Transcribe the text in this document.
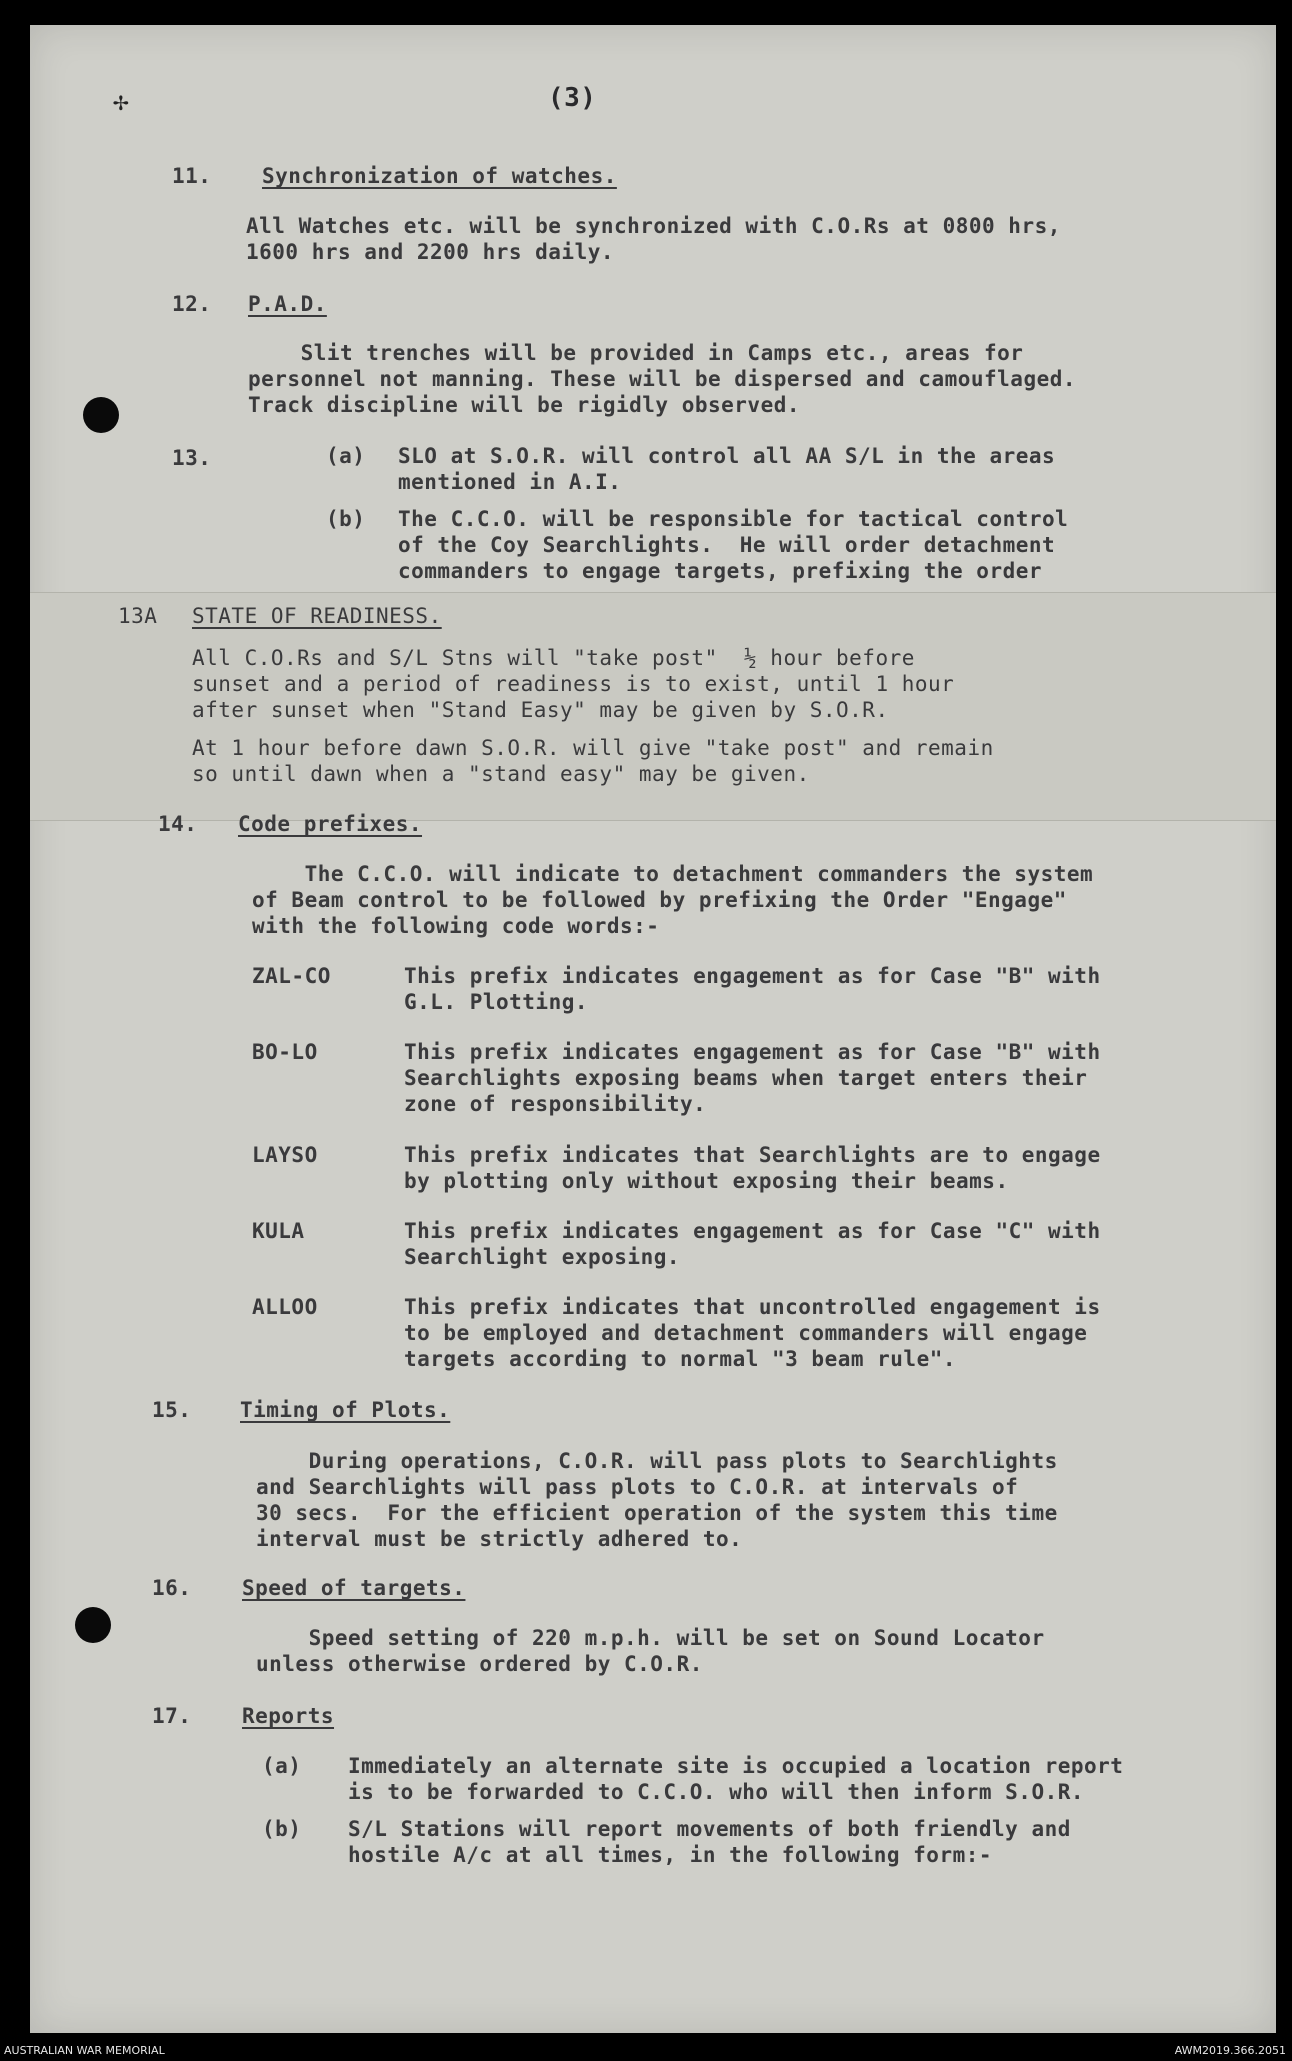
✢	(3)

11. Synchronization of watches.

All Watches etc. will be synchronized with C.O.Rs at 0800 hrs,

1600 hrs and 2200 hrs daily.

12. P.A.D.

Slit trenches will be provided in Camps etc., areas for

personnel not manning. These will be dispersed and camouflaged.

Track discipline will be rigidly observed.

13.	(a) SLO at S.O.R. will control all AA S/L in the areas

mentioned in A.I.

(b) The C.C.O. will be responsible for tactical control

of the Coy Searchlights.  He will order detachment

commanders to engage targets, prefixing the order

13A STATE OF READINESS.

All C.O.Rs and S/L Stns will "take post"  ½ hour before

sunset and a period of readiness is to exist, until 1 hour

after sunset when "Stand Easy" may be given by S.O.R.

At 1 hour before dawn S.O.R. will give "take post" and remain

so until dawn when a "stand easy" may be given.

14. Code prefixes.

The C.C.O. will indicate to detachment commanders the system

of Beam control to be followed by prefixing the Order "Engage"

with the following code words:-

ZAL-CO	This prefix indicates engagement as for Case "B" with

G.L. Plotting.

BO-LO	This prefix indicates engagement as for Case "B" with

Searchlights exposing beams when target enters their

zone of responsibility.

LAYSO	This prefix indicates that Searchlights are to engage

by plotting only without exposing their beams.

KULA	This prefix indicates engagement as for Case "C" with

Searchlight exposing.

ALLOO	This prefix indicates that uncontrolled engagement is

to be employed and detachment commanders will engage

targets according to normal "3 beam rule".

15. Timing of Plots.

During operations, C.O.R. will pass plots to Searchlights

and Searchlights will pass plots to C.O.R. at intervals of

30 secs.  For the efficient operation of the system this time

interval must be strictly adhered to.

16. Speed of targets.

Speed setting of 220 m.p.h. will be set on Sound Locator

unless otherwise ordered by C.O.R.

17. Reports

(a) Immediately an alternate site is occupied a location report

is to be forwarded to C.C.O. who will then inform S.O.R.

(b) S/L Stations will report movements of both friendly and

hostile A/c at all times, in the following form:-

AUSTRALIAN WAR MEMORIAL	AWM2019.366.2051
